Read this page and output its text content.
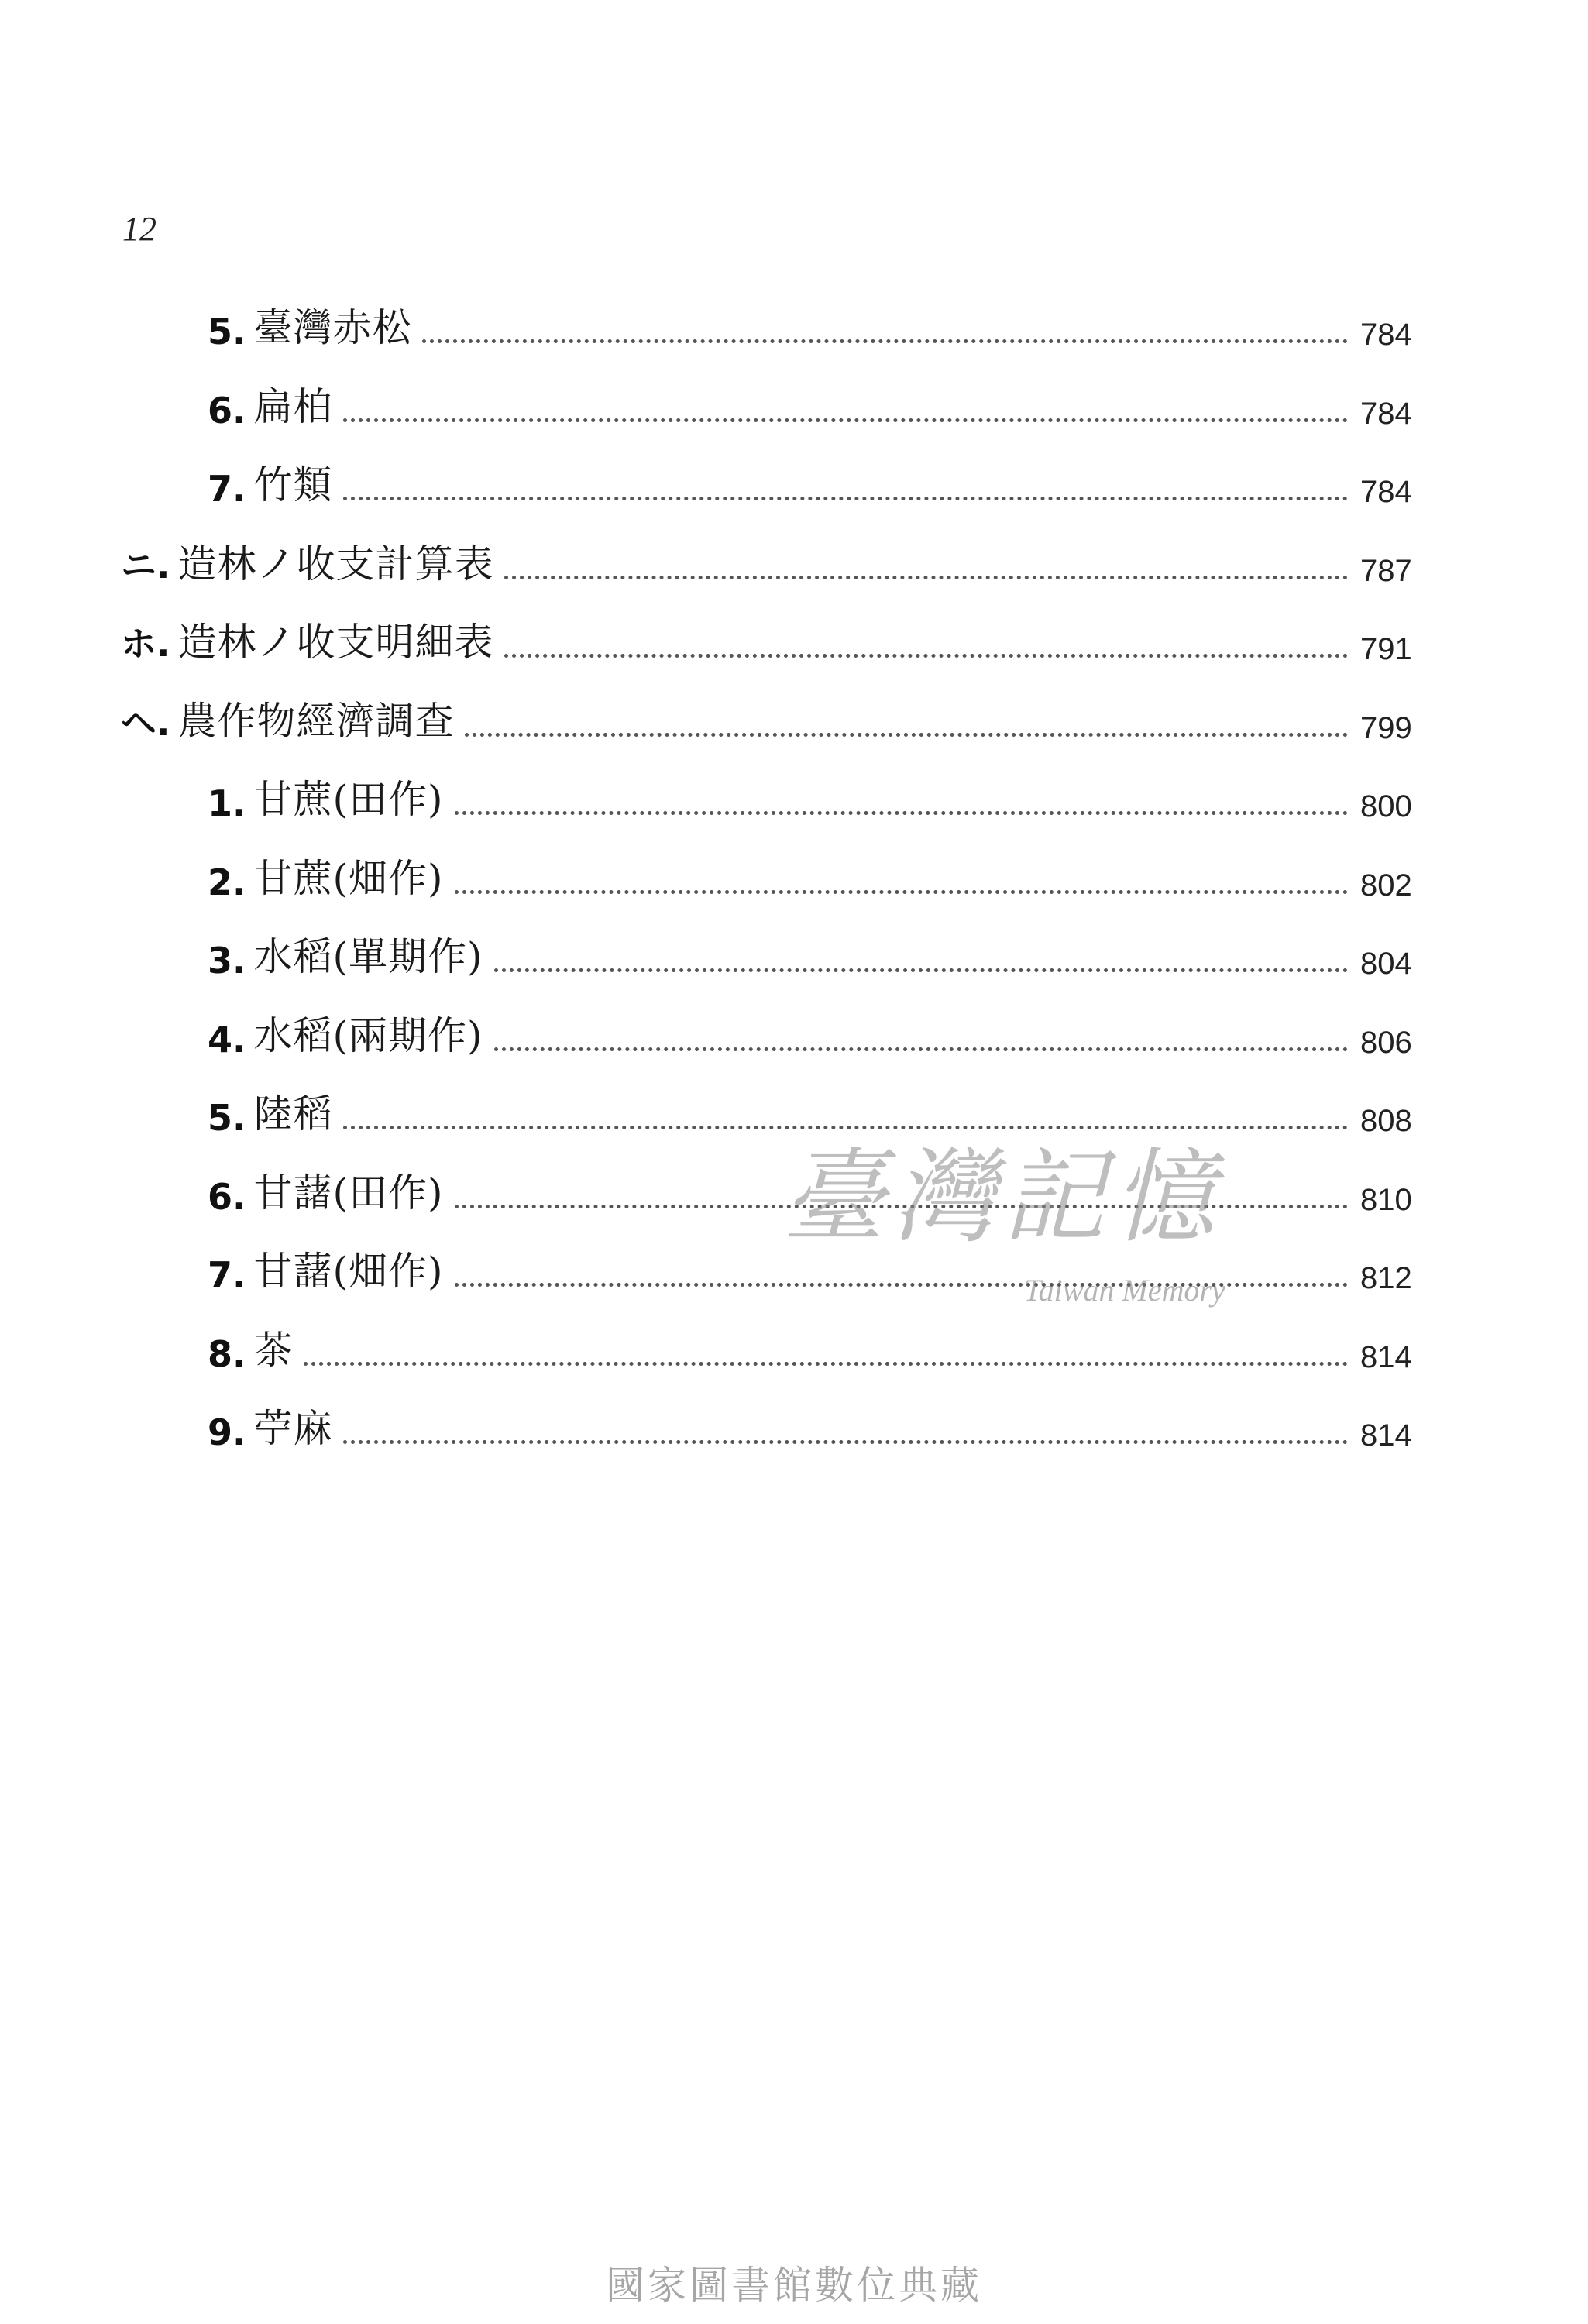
12
5. 臺灣赤松	784
6. 扁柏	784
7. 竹類	784
ニ. 造林ノ收支計算表	787
ホ. 造林ノ收支明細表	791
ヘ. 農作物經濟調查	799
1. 甘蔗(田作)	800
2. 甘蔗(畑作)	802
3. 水稻(單期作)	804
4. 水稻(兩期作)	806
5. 陸稻	808
6. 甘藷(田作)	810
7. 甘藷(畑作)	812
8. 茶	814
9. 苧麻	814
臺灣記憶
Taiwan Memory
國家圖書館數位典藏
